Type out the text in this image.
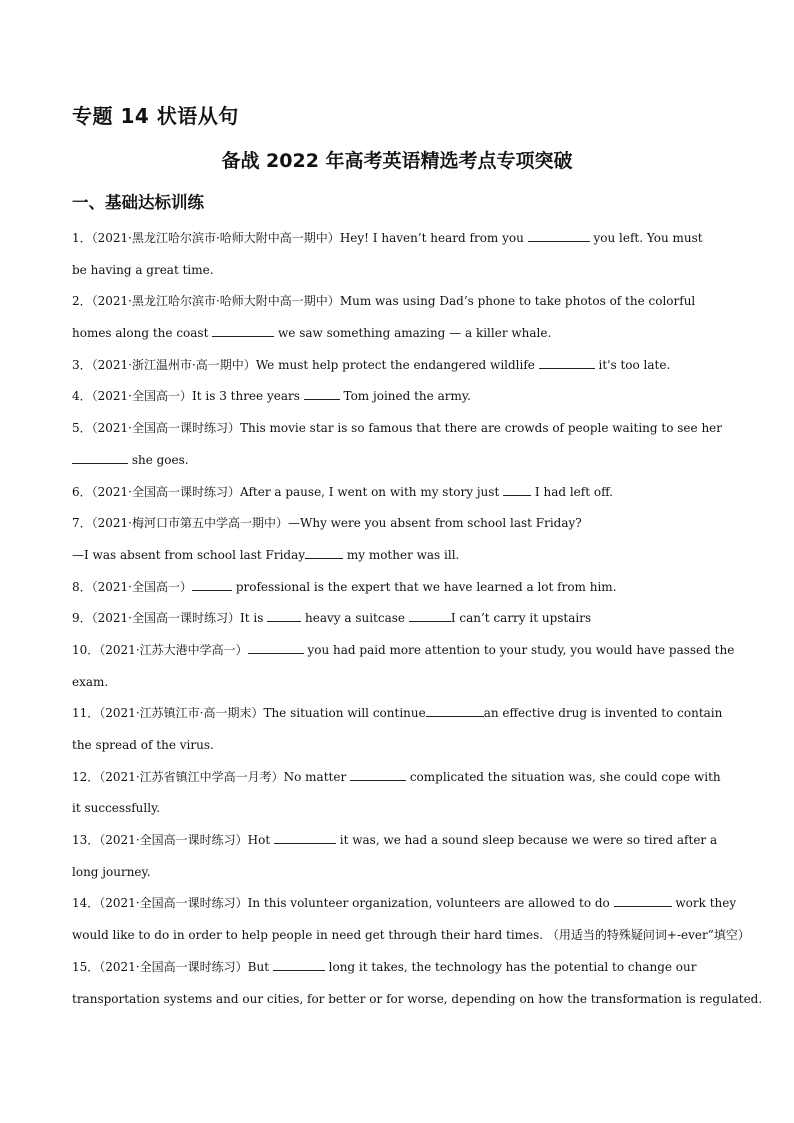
专题 14 状语从句
备战 2022 年高考英语精选考点专项突破
一、基础达标训练
1．（2021·黑龙江哈尔滨市·哈师大附中高一期中）Hey! I haven’t heard from you	you left. You must
be having a great time.
2．（2021·黑龙江哈尔滨市·哈师大附中高一期中）Mum was using Dad’s phone to take photos of the colorful
homes along the coast	we saw something amazing — a killer whale.
3．（2021·浙江温州市·高一期中）We must help protect the endangered wildlife	it's too late.
4．（2021·全国高一）It is 3 three years	Tom joined the army.
5．（2021·全国高一课时练习）This movie star is so famous that there are crowds of people waiting to see her
she goes.
6．（2021·全国高一课时练习）After a pause, I went on with my story just  I had left off.
7．（2021·梅河口市第五中学高一期中）—Why were you absent from school last Friday?
—I was absent from school last Friday	my mother was ill.
8．（2021·全国高一）	professional is the expert that we have learned a lot from him.
9．（2021·全国高一课时练习）It is	heavy a suitcase	I can’t carry it upstairs
10．（2021·江苏大港中学高一）	you had paid more attention to your study, you would have passed the
exam.
11．（2021·江苏镇江市·高一期末）The situation will continue	an effective drug is invented to contain
the spread of the virus.
12．（2021·江苏省镇江中学高一月考）No matter	complicated the situation was, she could cope with
it successfully.
13．（2021·全国高一课时练习）Hot	it was, we had a sound sleep because we were so tired after a
long journey.
14．（2021·全国高一课时练习）In this volunteer organization, volunteers are allowed to do	work they
would like to do in order to help people in need get through their hard times. （用适当的特殊疑问词+-ever”填空）
15．（2021·全国高一课时练习）But	long it takes, the technology has the potential to change our
transportation systems and our cities, for better or for worse, depending on how the transformation is regulated.
